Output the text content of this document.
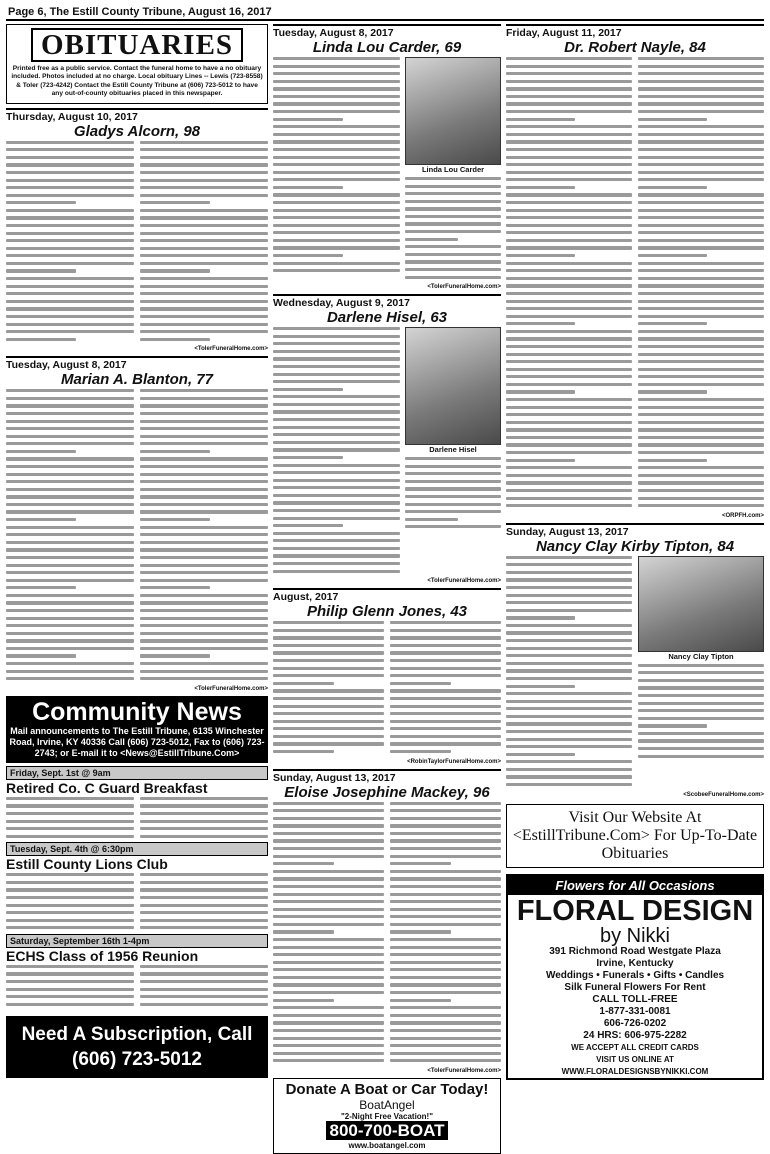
Page 6, The Estill County Tribune, August 16, 2017
OBITUARIES
Printed free as a public service. Contact the funeral home to have a no obituary included. Photos included at no charge. Local obituary Lines -- Lewis (723-8558) & Toler (723-4242) Contact the Estill County Tribune at (606) 723-5012 to have any out-of-county obituaries placed in this newspaper.
Thursday, August 10, 2017
Gladys Alcorn, 98
<TolerFuneralHome.com>
Tuesday, August 8, 2017
Marian A. Blanton, 77
<TolerFuneralHome.com>
Community News
Mail announcements to The Estill Tribune, 6135 Winchester Road, Irvine, KY 40336 Call (606) 723-5012, Fax to (606) 723-2743; or E-mail it to <News@EstillTribune.Com>
Friday, Sept. 1st @ 9am
Retired Co. C Guard Breakfast
Tuesday, Sept. 4th @ 6:30pm
Estill County Lions Club
Saturday, September 16th 1-4pm
ECHS Class of 1956 Reunion
Need A Subscription, Call (606) 723-5012
Tuesday, August 8, 2017
Linda Lou Carder, 69
Linda Lou Carder
<TolerFuneralHome.com>
Wednesday, August 9, 2017
Darlene Hisel, 63
Darlene Hisel
<TolerFuneralHome.com>
August, 2017
Philip Glenn Jones, 43
<RobinTaylorFuneralHome.com>
Sunday, August 13, 2017
Eloise Josephine Mackey, 96
<TolerFuneralHome.com>
Donate A Boat or Car Today!
BoatAngel
"2-Night Free Vacation!"
800-700-BOAT
www.boatangel.com
Friday, August 11, 2017
Dr. Robert Nayle, 84
<ORPFH.com>
Sunday, August 13, 2017
Nancy Clay Kirby Tipton, 84
Nancy Clay Tipton
<ScobeeFuneralHome.com>
Visit Our Website At <EstillTribune.Com> For Up-To-Date Obituaries
Flowers for All Occasions
FLORAL DESIGN
by Nikki
391 Richmond Road Westgate Plaza
Irvine, Kentucky
Weddings • Funerals • Gifts • Candles
Silk Funeral Flowers For Rent
CALL TOLL-FREE
1-877-331-0081
606-726-0202
24 HRS: 606-975-2282
WE ACCEPT ALL CREDIT CARDS
VISIT US ONLINE AT
WWW.FLORALDESIGNSBYNIKKI.COM
